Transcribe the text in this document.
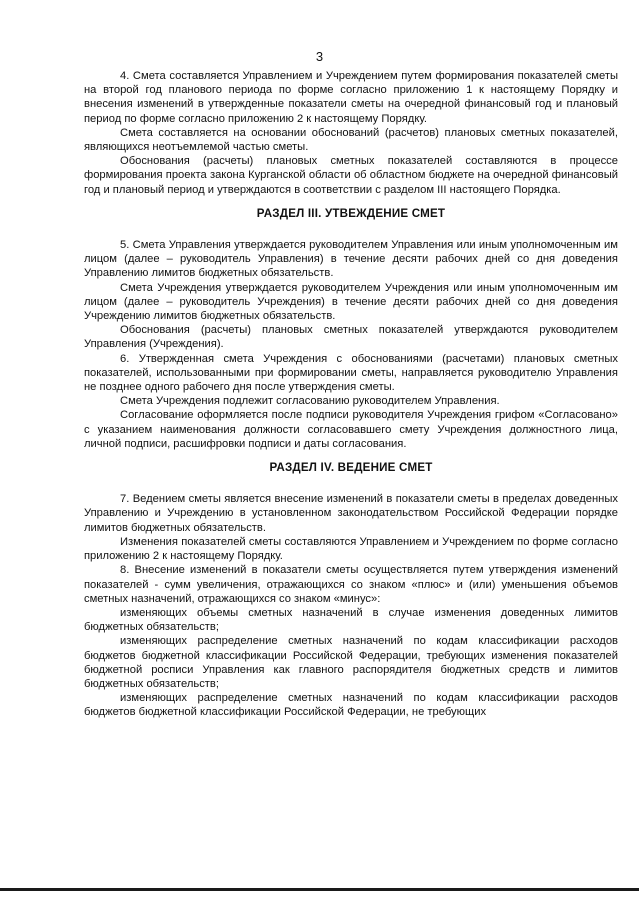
3

4. Смета составляется Управлением и Учреждением путем формирования показателей сметы на второй год планового периода по форме согласно приложению 1 к настоящему Порядку и внесения изменений в утвержденные показатели сметы на очередной финансовый год и плановый период по форме согласно приложению 2 к настоящему Порядку.

Смета составляется на основании обоснований (расчетов) плановых сметных показателей, являющихся неотъемлемой частью сметы.

Обоснования (расчеты) плановых сметных показателей составляются в процессе формирования проекта закона Курганской области об областном бюджете на очередной финансовый год и плановый период и утверждаются в соответствии с разделом III настоящего Порядка.

РАЗДЕЛ III. УТВЕЖДЕНИЕ СМЕТ

5. Смета Управления утверждается руководителем Управления или иным уполномоченным им лицом (далее – руководитель Управления) в течение десяти рабочих дней со дня доведения Управлению лимитов бюджетных обязательств.

Смета Учреждения утверждается руководителем Учреждения или иным уполномоченным им лицом (далее – руководитель Учреждения) в течение десяти рабочих дней со дня доведения Учреждению лимитов бюджетных обязательств.

Обоснования (расчеты) плановых сметных показателей утверждаются руководителем Управления (Учреждения).

6. Утвержденная смета Учреждения с обоснованиями (расчетами) плановых сметных показателей, использованными при формировании сметы, направляется руководителю Управления не позднее одного рабочего дня после утверждения сметы.

Смета Учреждения подлежит согласованию руководителем Управления.

Согласование оформляется после подписи руководителя Учреждения грифом «Согласовано» с указанием наименования должности согласовавшего смету Учреждения должностного лица, личной подписи, расшифровки подписи и даты согласования.

РАЗДЕЛ IV. ВЕДЕНИЕ СМЕТ

7. Ведением сметы является внесение изменений в показатели сметы в пределах доведенных Управлению и Учреждению в установленном законодательством Российской Федерации порядке лимитов бюджетных обязательств.

Изменения показателей сметы составляются Управлением и Учреждением по форме согласно приложению 2 к настоящему Порядку.

8. Внесение изменений в показатели сметы осуществляется путем утверждения изменений показателей - сумм увеличения, отражающихся со знаком «плюс» и (или) уменьшения объемов сметных назначений, отражающихся со знаком «минус»:

изменяющих объемы сметных назначений в случае изменения доведенных лимитов бюджетных обязательств;

изменяющих распределение сметных назначений по кодам классификации расходов бюджетов бюджетной классификации Российской Федерации, требующих изменения показателей бюджетной росписи Управления как главного распорядителя бюджетных средств и лимитов бюджетных обязательств;

изменяющих распределение сметных назначений по кодам классификации расходов бюджетов бюджетной классификации Российской Федерации, не требующих
